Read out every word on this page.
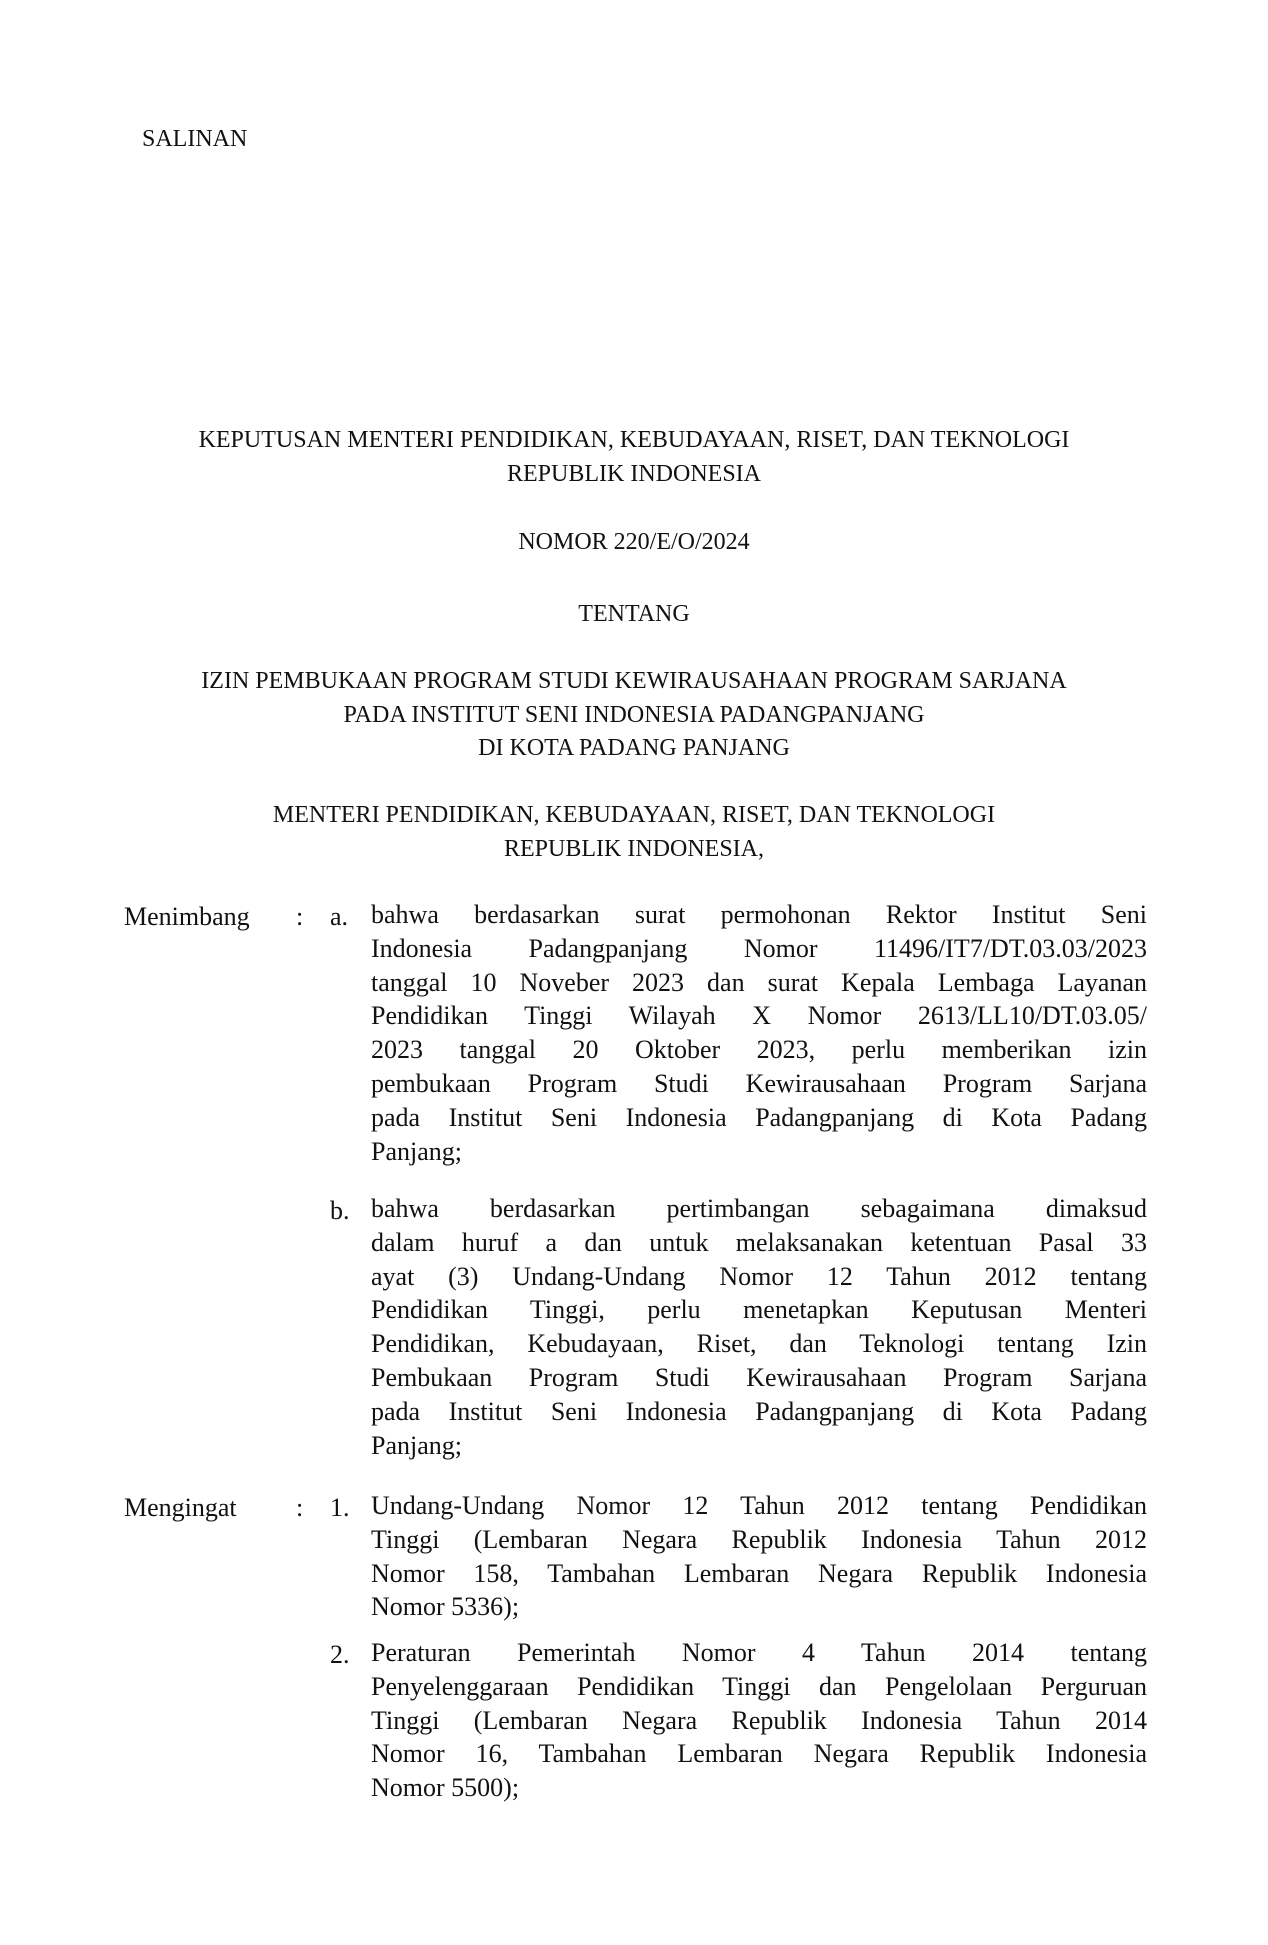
SALINAN
KEPUTUSAN MENTERI PENDIDIKAN, KEBUDAYAAN, RISET, DAN TEKNOLOGI
REPUBLIK INDONESIA
NOMOR 220/E/O/2024
TENTANG
IZIN PEMBUKAAN PROGRAM STUDI KEWIRAUSAHAAN PROGRAM SARJANA
PADA INSTITUT SENI INDONESIA PADANGPANJANG
DI KOTA PADANG PANJANG
MENTERI PENDIDIKAN, KEBUDAYAAN, RISET, DAN TEKNOLOGI
REPUBLIK INDONESIA,
Menimbang : a. bahwa berdasarkan surat permohonan Rektor Institut Seni
Indonesia Padangpanjang Nomor 11496/IT7/DT.03.03/2023
tanggal 10 Noveber 2023 dan surat Kepala Lembaga Layanan
Pendidikan Tinggi Wilayah X Nomor 2613/LL10/DT.03.05/
2023 tanggal 20 Oktober 2023, perlu memberikan izin
pembukaan Program Studi Kewirausahaan Program Sarjana
pada Institut Seni Indonesia Padangpanjang di Kota Padang
Panjang;
b. bahwa berdasarkan pertimbangan sebagaimana dimaksud
dalam huruf a dan untuk melaksanakan ketentuan Pasal 33
ayat (3) Undang-Undang Nomor 12 Tahun 2012 tentang
Pendidikan Tinggi, perlu menetapkan Keputusan Menteri
Pendidikan, Kebudayaan, Riset, dan Teknologi tentang Izin
Pembukaan Program Studi Kewirausahaan Program Sarjana
pada Institut Seni Indonesia Padangpanjang di Kota Padang
Panjang;
Mengingat : 1. Undang-Undang Nomor 12 Tahun 2012 tentang Pendidikan
Tinggi (Lembaran Negara Republik Indonesia Tahun 2012
Nomor 158, Tambahan Lembaran Negara Republik Indonesia
Nomor 5336);
2. Peraturan Pemerintah Nomor 4 Tahun 2014 tentang
Penyelenggaraan Pendidikan Tinggi dan Pengelolaan Perguruan
Tinggi (Lembaran Negara Republik Indonesia Tahun 2014
Nomor 16, Tambahan Lembaran Negara Republik Indonesia
Nomor 5500);
